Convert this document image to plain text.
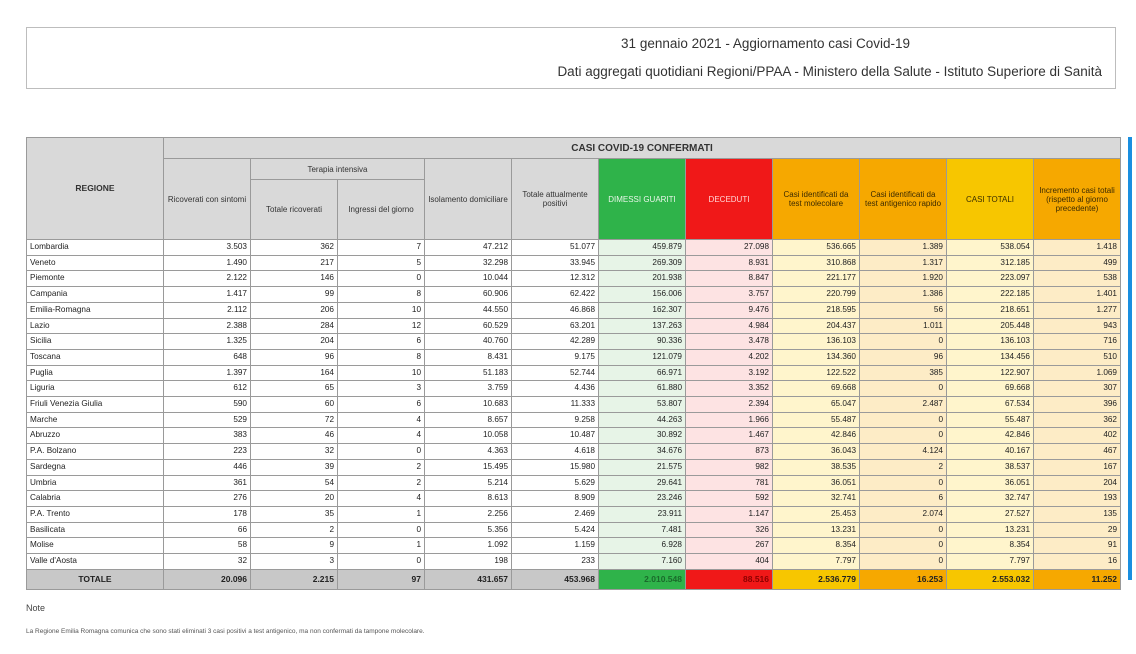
31 gennaio 2021 - Aggiornamento casi Covid-19
Dati aggregati quotidiani Regioni/PPAA - Ministero della Salute - Istituto Superiore di Sanità
REGIONE	CASI COVID-19 CONFERMATI										
	Ricoverati con sintomi	Terapia intensiva		Isolamento domiciliare	Totale attualmente positivi	DIMESSI GUARITI	DECEDUTI	Casi identificati da test molecolare	Casi identificati da test antigenico rapido	CASI TOTALI	Incremento casi totali (rispetto al giorno precedente)
		Totale ricoverati	Ingressi del giorno								
Lombardia	3.503	362	7	47.212	51.077	459.879	27.098	536.665	1.389	538.054	1.418
Veneto	1.490	217	5	32.298	33.945	269.309	8.931	310.868	1.317	312.185	499
Piemonte	2.122	146	0	10.044	12.312	201.938	8.847	221.177	1.920	223.097	538
Campania	1.417	99	8	60.906	62.422	156.006	3.757	220.799	1.386	222.185	1.401
Emilia-Romagna	2.112	206	10	44.550	46.868	162.307	9.476	218.595	56	218.651	1.277
Lazio	2.388	284	12	60.529	63.201	137.263	4.984	204.437	1.011	205.448	943
Sicilia	1.325	204	6	40.760	42.289	90.336	3.478	136.103	0	136.103	716
Toscana	648	96	8	8.431	9.175	121.079	4.202	134.360	96	134.456	510
Puglia	1.397	164	10	51.183	52.744	66.971	3.192	122.522	385	122.907	1.069
Liguria	612	65	3	3.759	4.436	61.880	3.352	69.668	0	69.668	307
Friuli Venezia Giulia	590	60	6	10.683	11.333	53.807	2.394	65.047	2.487	67.534	396
Marche	529	72	4	8.657	9.258	44.263	1.966	55.487	0	55.487	362
Abruzzo	383	46	4	10.058	10.487	30.892	1.467	42.846	0	42.846	402
P.A. Bolzano	223	32	0	4.363	4.618	34.676	873	36.043	4.124	40.167	467
Sardegna	446	39	2	15.495	15.980	21.575	982	38.535	2	38.537	167
Umbria	361	54	2	5.214	5.629	29.641	781	36.051	0	36.051	204
Calabria	276	20	4	8.613	8.909	23.246	592	32.741	6	32.747	193
P.A. Trento	178	35	1	2.256	2.469	23.911	1.147	25.453	2.074	27.527	135
Basilicata	66	2	0	5.356	5.424	7.481	326	13.231	0	13.231	29
Molise	58	9	1	1.092	1.159	6.928	267	8.354	0	8.354	91
Valle d'Aosta	32	3	0	198	233	7.160	404	7.797	0	7.797	16
TOTALE	20.096	2.215	97	431.657	453.968	2.010.548	88.516	2.536.779	16.253	2.553.032	11.252
Note
La Regione Emilia Romagna comunica che sono stati eliminati 3 casi positivi a test antigenico, ma non confermati da tampone molecolare.
